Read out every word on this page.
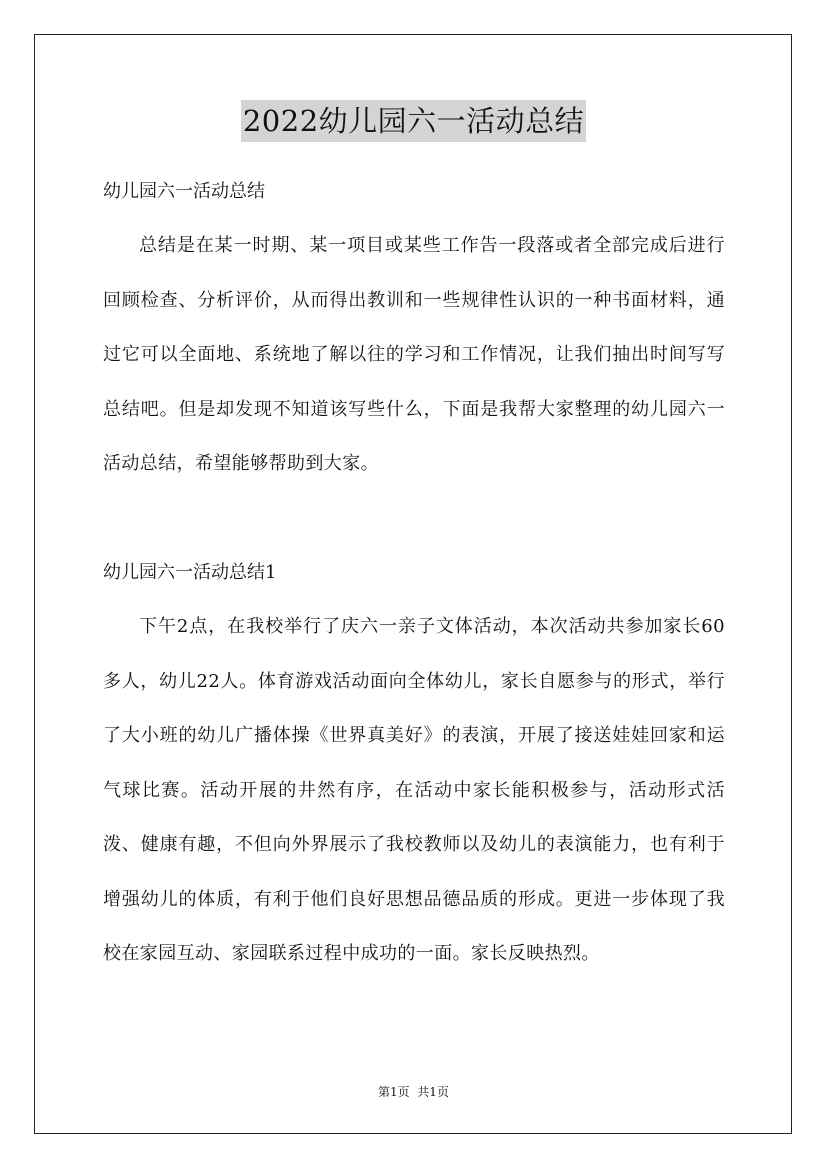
2022幼儿园六一活动总结
幼儿园六一活动总结

总结是在某一时期、某一项目或某些工作告一段落或者全部完成后进行回顾检查、分析评价，从而得出教训和一些规律性认识的一种书面材料，通过它可以全面地、系统地了解以往的学习和工作情况，让我们抽出时间写写总结吧。但是却发现不知道该写些什么，下面是我帮大家整理的幼儿园六一活动总结，希望能够帮助到大家。

幼儿园六一活动总结1

下午2点，在我校举行了庆六一亲子文体活动，本次活动共参加家长60多人，幼儿22人。体育游戏活动面向全体幼儿，家长自愿参与的形式，举行了大小班的幼儿广播体操《世界真美好》的表演，开展了接送娃娃回家和运气球比赛。活动开展的井然有序，在活动中家长能积极参与，活动形式活泼、健康有趣，不但向外界展示了我校教师以及幼儿的表演能力，也有利于增强幼儿的体质，有利于他们良好思想品德品质的形成。更进一步体现了我校在家园互动、家园联系过程中成功的一面。家长反映热烈。

第1页  共1页
